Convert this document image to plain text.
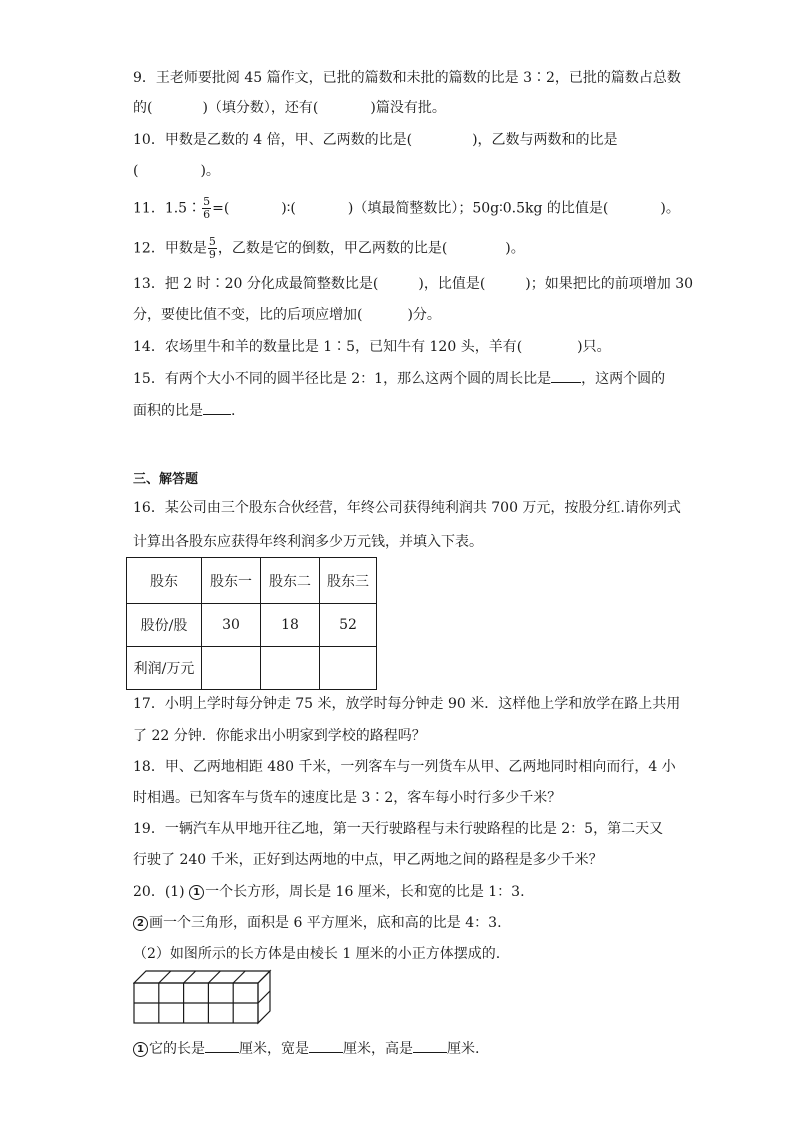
9．王老师要批阅 45 篇作文，已批的篇数和未批的篇数的比是 3∶2，已批的篇数占总数
的(	)（填分数），还有(	)篇没有批。
10．甲数是乙数的 4 倍，甲、乙两数的比是(	)，乙数与两数和的比是
(	)。
11．1.5∶ $\frac{5}{6}$ =(	)∶(	)（填最简整数比）；50g∶0.5kg 的比值是(	)。
12．甲数是 $\frac{5}{9}$ ，乙数是它的倒数，甲乙两数的比是(	)。
13．把 2 时∶20 分化成最简整数比是(	)，比值是(	)；如果把比的前项增加 30
分，要使比值不变，比的后项应增加(	)分。
14．农场里牛和羊的数量比是 1∶5，已知牛有 120 头，羊有(	)只。
15．有两个大小不同的圆半径比是 2：1，那么这两个圆的周长比是 ，这两个圆的
面积的比是 .
三、解答题
16．某公司由三个股东合伙经营，年终公司获得纯利润共 700 万元，按股分红.请你列式
计算出各股东应获得年终利润多少万元钱，并填入下表。
股东	股东一	股东二	股东三
股份/股	30	18	52
利润/万元			
17．小明上学时每分钟走 75 米，放学时每分钟走 90 米．这样他上学和放学在路上共用
了 22 分钟．你能求出小明家到学校的路程吗？
18．甲、乙两地相距 480 千米，一列客车与一列货车从甲、乙两地同时相向而行，4 小
时相遇。已知客车与货车的速度比是 3∶2，客车每小时行多少千米？
19．一辆汽车从甲地开往乙地，第一天行驶路程与未行驶路程的比是 2：5，第二天又
行驶了 240 千米，正好到达两地的中点，甲乙两地之间的路程是多少千米？
20．(1) 1 一个长方形，周长是 16 厘米，长和宽的比是 1：3.
2 画一个三角形，面积是 6 平方厘米，底和高的比是 4：3.
（2）如图所示的长方体是由棱长 1 厘米的小正方体摆成的.
1 它的长是 厘米，宽是 厘米，高是 厘米.
